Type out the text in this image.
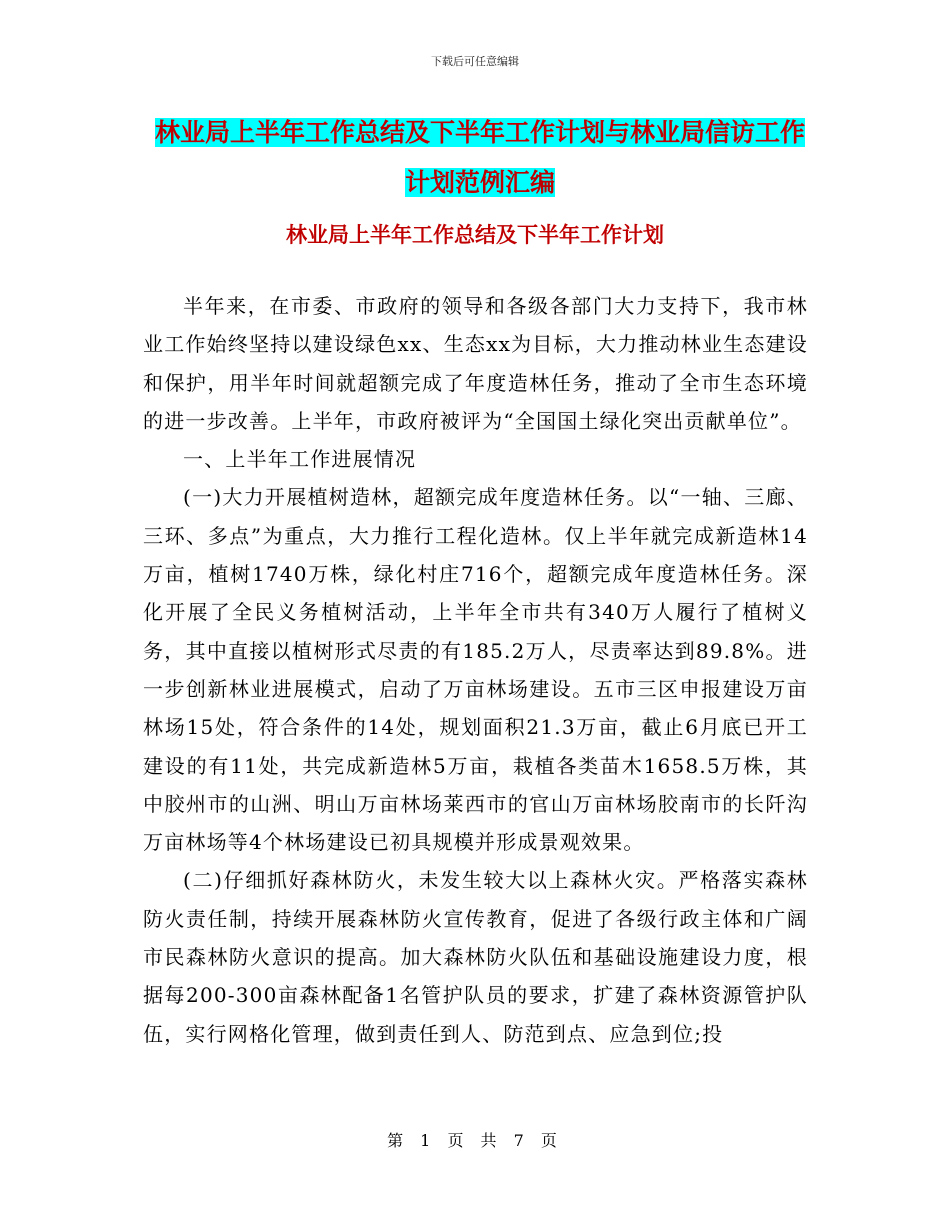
下载后可任意编辑
林业局上半年工作总结及下半年工作计划与林业局信访工作计划范例汇编
林业局上半年工作总结及下半年工作计划

半年来，在市委、市政府的领导和各级各部门大力支持下，我市林业工作始终坚持以建设绿色xx、生态xx为目标，大力推动林业生态建设和保护，用半年时间就超额完成了年度造林任务，推动了全市生态环境的进一步改善。上半年，市政府被评为“全国国土绿化突出贡献单位”。

一、上半年工作进展情况

(一)大力开展植树造林，超额完成年度造林任务。以“一轴、三廊、三环、多点”为重点，大力推行工程化造林。仅上半年就完成新造林14万亩，植树1740万株，绿化村庄716个，超额完成年度造林任务。深化开展了全民义务植树活动，上半年全市共有340万人履行了植树义务，其中直接以植树形式尽责的有185.2万人，尽责率达到89.8%。进一步创新林业进展模式，启动了万亩林场建设。五市三区申报建设万亩林场15处，符合条件的14处，规划面积21.3万亩，截止6月底已开工建设的有11处，共完成新造林5万亩，栽植各类苗木1658.5万株，其中胶州市的山洲、明山万亩林场莱西市的官山万亩林场胶南市的长阡沟万亩林场等4个林场建设已初具规模并形成景观效果。

(二)仔细抓好森林防火，未发生较大以上森林火灾。严格落实森林防火责任制，持续开展森林防火宣传教育，促进了各级行政主体和广阔市民森林防火意识的提高。加大森林防火队伍和基础设施建设力度，根据每200-300亩森林配备1名管护队员的要求，扩建了森林资源管护队伍，实行网格化管理，做到责任到人、防范到点、应急到位;投

第 1 页 共 7 页
